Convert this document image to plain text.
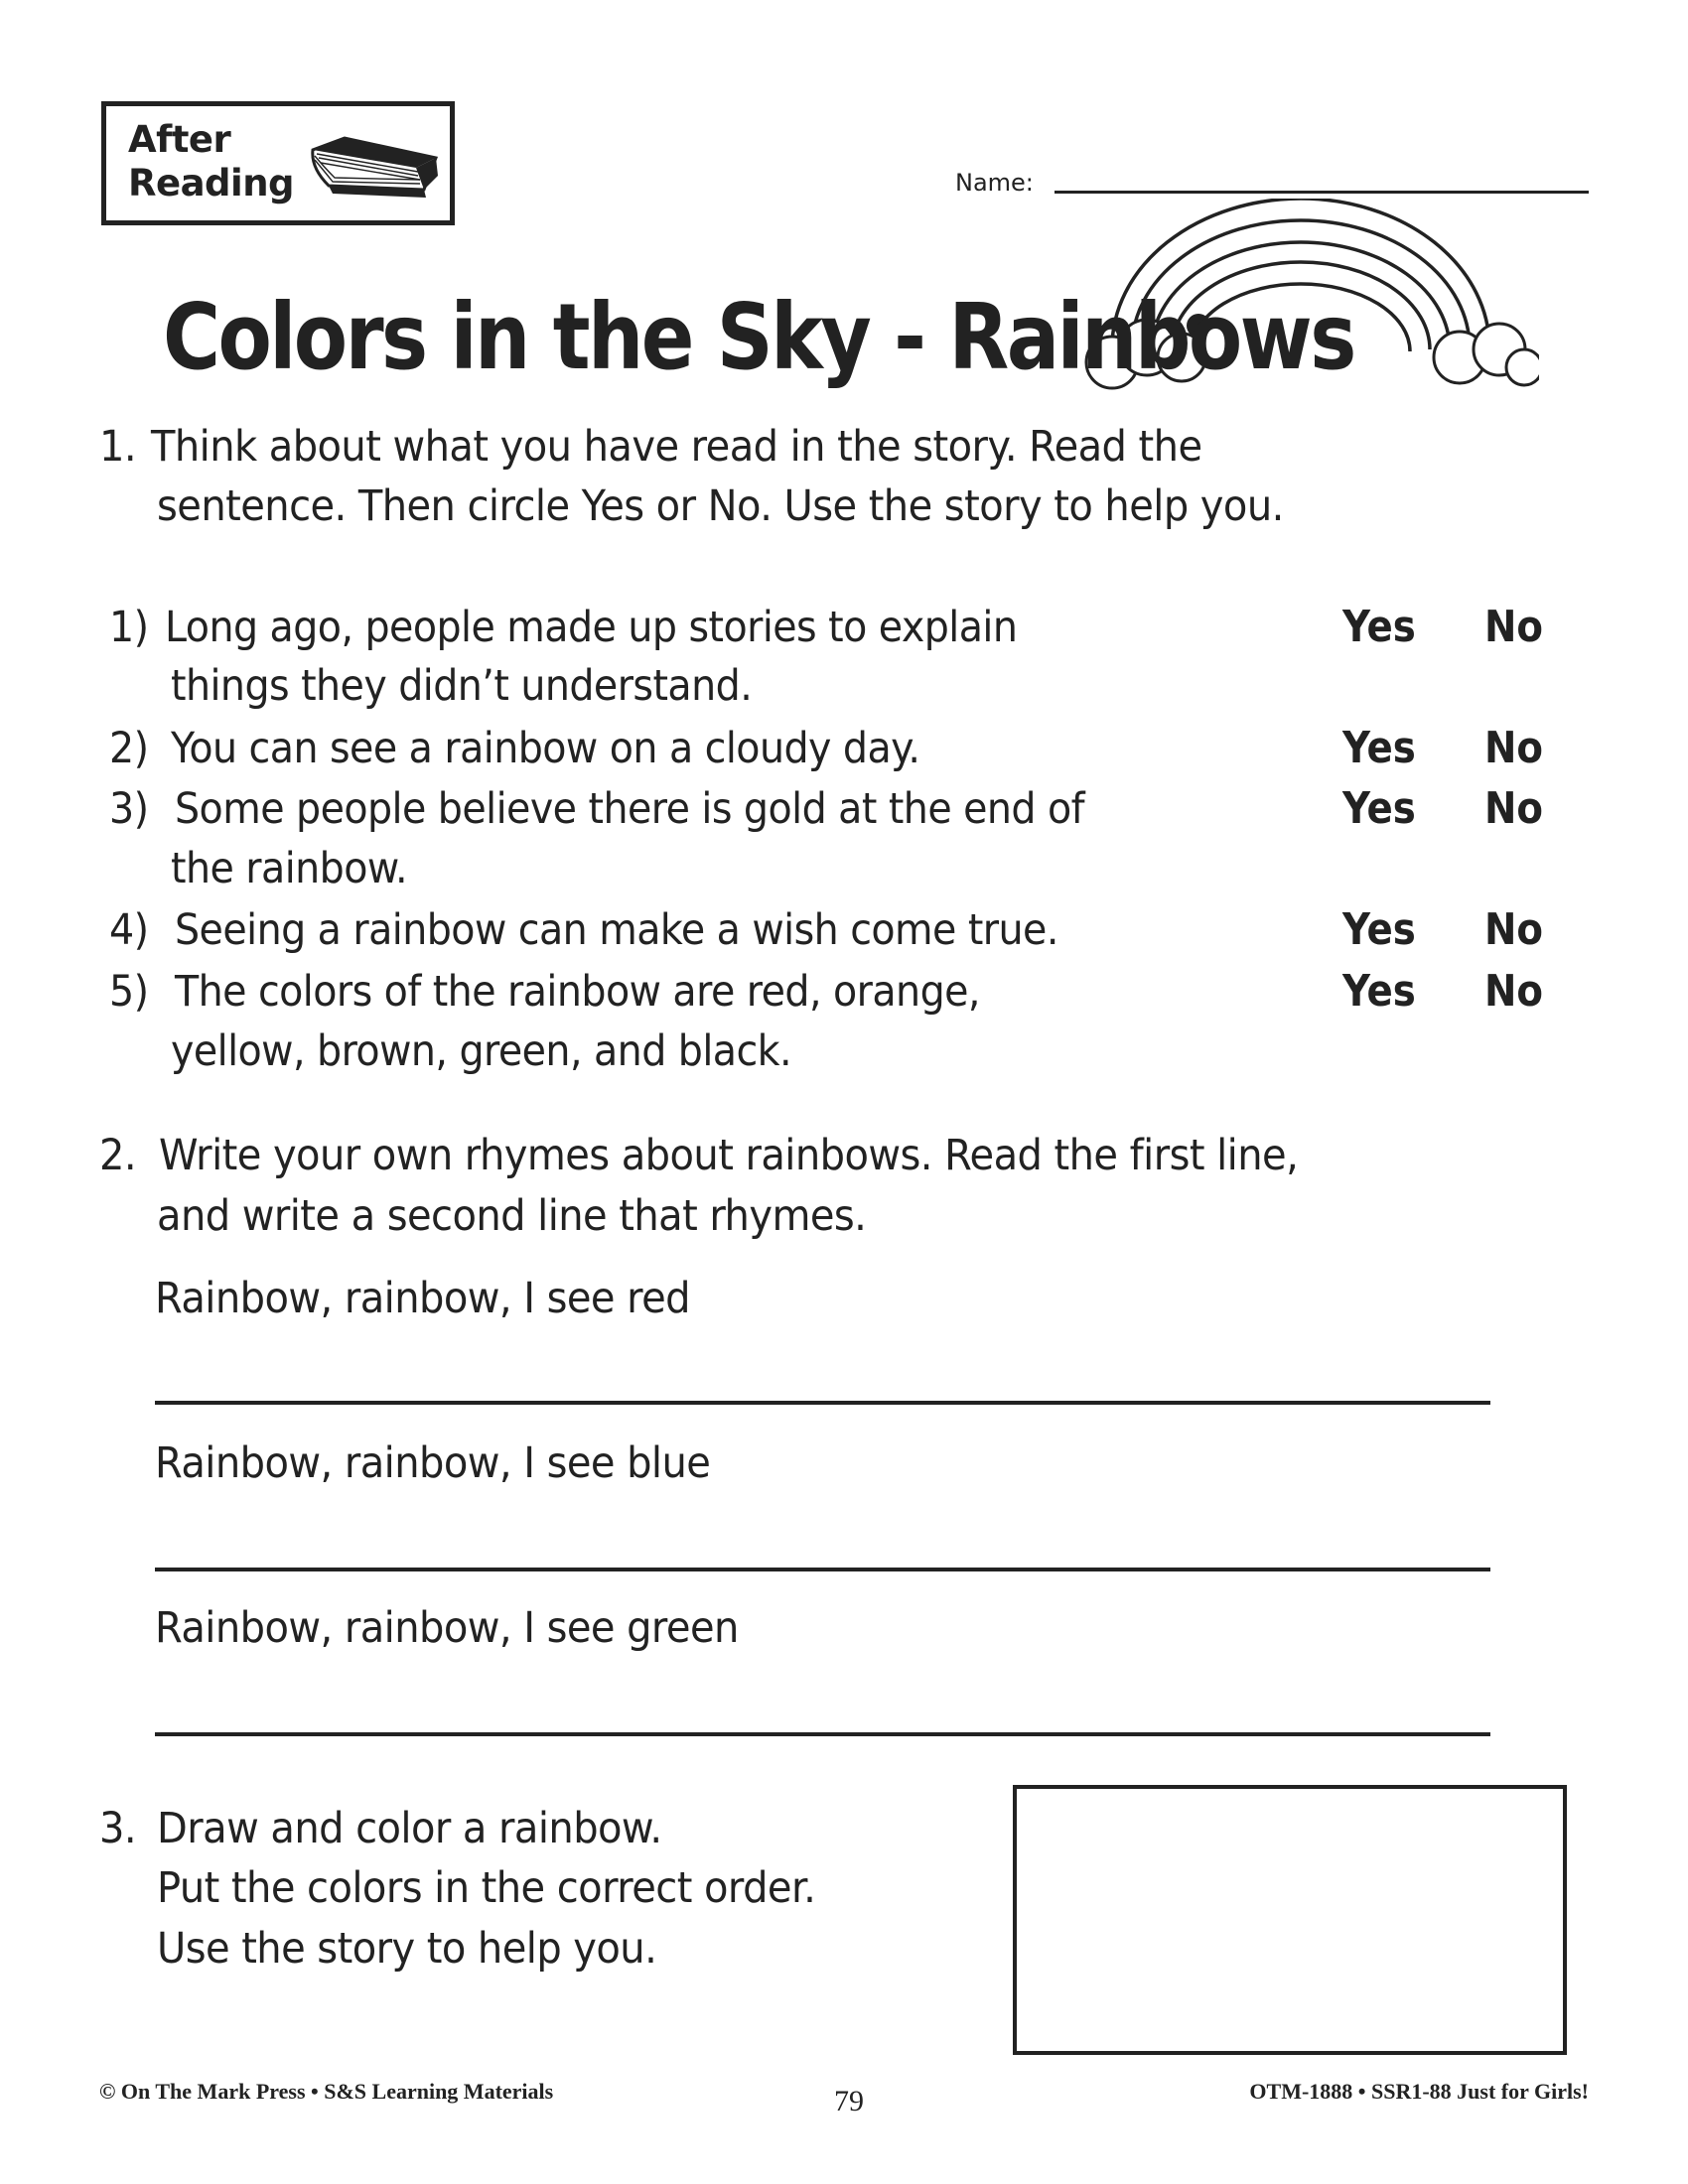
After
Reading	Name:
Colors in the Sky - Rainbows
1. Think about what you have read in the story. Read the
sentence. Then circle Yes or No. Use the story to help you.
1) Long ago, people made up stories to explain
things they didn’t understand.
Yes No
2) You can see a rainbow on a cloudy day.	Yes No
3) Some people believe there is gold at the end of
the rainbow.
Yes No
4) Seeing a rainbow can make a wish come true.	Yes No
5) The colors of the rainbow are red, orange,
yellow, brown, green, and black.
Yes No
2. Write your own rhymes about rainbows. Read the first line,
and write a second line that rhymes.
Rainbow, rainbow, I see red
Rainbow, rainbow, I see blue
Rainbow, rainbow, I see green
3. Draw and color a rainbow.
Put the colors in the correct order.
Use the story to help you.
© On The Mark Press • S&S Learning Materials	79	OTM-1888 • SSR1-88 Just for Girls!
